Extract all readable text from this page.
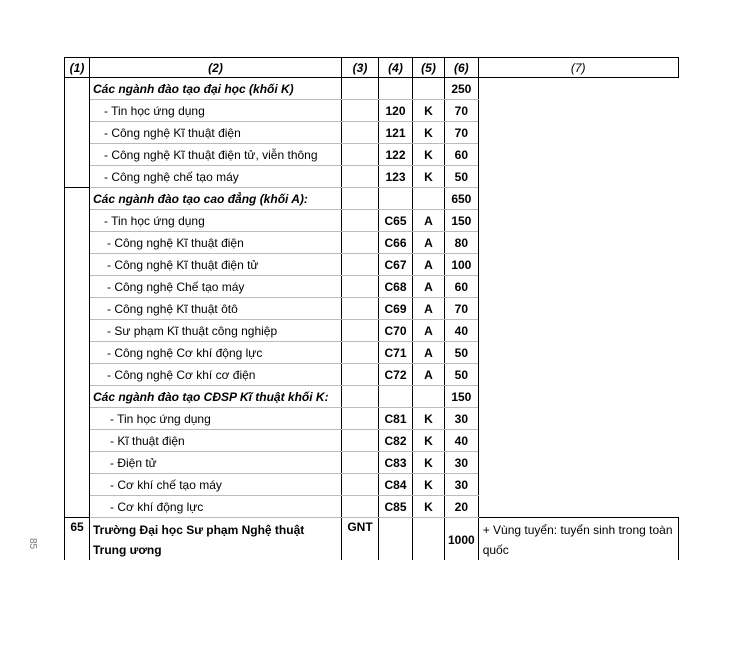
85
(1)	(2)	(3)	(4)	(5)	(6)	(7)
	Các ngành đào tạo đại học (khối K)				250	
	- Tin học ứng dụng		120	K	70	
	- Công nghệ Kĩ thuật điện		121	K	70	
	- Công nghệ Kĩ thuật điện tử, viễn thông		122	K	60	
	- Công nghệ chế tạo máy		123	K	50	
	Các ngành đào tạo cao đẳng (khối A):				650	
	- Tin học ứng dụng		C65	A	150	
	- Công nghệ Kĩ thuật điện		C66	A	80	
	- Công nghệ Kĩ thuật điện tử		C67	A	100	
	- Công nghệ Chế tạo máy		C68	A	60	
	- Công nghệ Kĩ thuật ôtô		C69	A	70	
	- Sư phạm Kĩ thuật công nghiệp		C70	A	40	
	- Công nghệ Cơ khí động lực		C71	A	50	
	- Công nghệ Cơ khí cơ điện		C72	A	50	
	Các ngành đào tạo CĐSP Kĩ thuật khối K:				150	
	- Tin học ứng dụng		C81	K	30	
	- Kĩ thuật điện		C82	K	40	
	- Điện tử		C83	K	30	
	- Cơ khí chế tạo máy		C84	K	30	
	- Cơ khí động lực		C85	K	20	
65	Trường Đại học Sư phạm Nghệ thuật Trung ương	GNT			1000	+ Vùng tuyển: tuyển sinh trong toàn quốc
